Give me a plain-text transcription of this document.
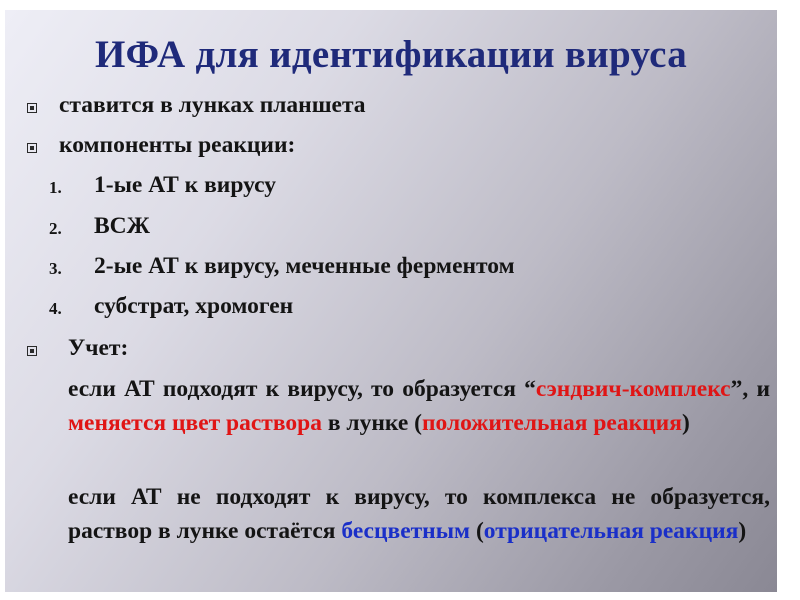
ИФА для идентификации вируса
ставится в лунках планшета
компоненты реакции:
1. 1-ые АТ к вирусу
2. ВСЖ
3. 2-ые АТ к вирусу, меченные ферментом
4. субстрат, хромоген
Учет:
если АТ подходят к вирусу, то образуется “сэндвич-комплекс”, и меняется цвет раствора в лунке (положительная реакция)
если АТ не подходят к вирусу, то комплекса не образуется, раствор в лунке остаётся бесцветным (отрицательная реакция)
